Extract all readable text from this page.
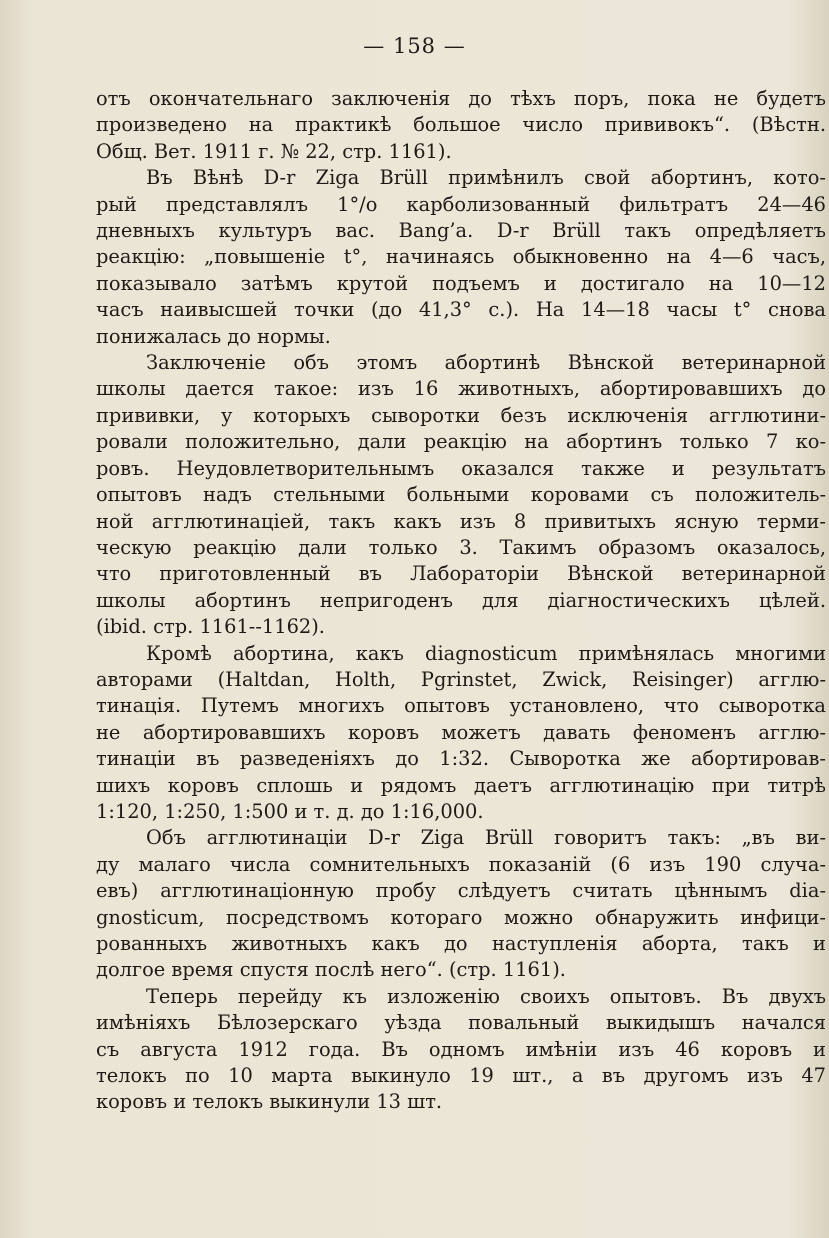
— 158 —
отъ окончательнаго заключенія до тѣхъ поръ, пока не будетъ
произведено на практикѣ большое число прививокъ“. (Вѣстн.
Общ. Вет. 1911 г. № 22, стр. 1161).
Въ Вѣнѣ D-r Ziga Brüll примѣнилъ свой абортинъ, кото-
рый представлялъ 1°/o карболизованный фильтратъ 24—46
дневныхъ культуръ вас. Bang’a. D-r Brüll такъ опредѣляетъ
реакцію: „повышеніе t°, начинаясь обыкновенно на 4—6 часъ,
показывало затѣмъ крутой подъемъ и достигало на 10—12
часъ наивысшей точки (до 41,3° с.). На 14—18 часы t° снова
понижалась до нормы.
Заключеніе объ этомъ абортинѣ Вѣнской ветеринарной
школы дается такое: изъ 16 животныхъ, абортировавшихъ до
прививки, у которыхъ сыворотки безъ исключенія агглютини-
ровали положительно, дали реакцію на абортинъ только 7 ко-
ровъ. Неудовлетворительнымъ оказался также и результатъ
опытовъ надъ стельными больными коровами съ положитель-
ной агглютинаціей, такъ какъ изъ 8 привитыхъ ясную терми-
ческую реакцію дали только 3. Такимъ образомъ оказалось,
что приготовленный въ Лабораторіи Вѣнской ветеринарной
школы абортинъ непригоденъ для діагностическихъ цѣлей.
(ibid. стр. 1161--1162).
Кромѣ абортина, какъ diagnosticum примѣнялась многими
авторами (Haltdan, Holth, Pgrinstet, Zwick, Reisinger) агглю-
тинація. Путемъ многихъ опытовъ установлено, что сыворотка
не абортировавшихъ коровъ можетъ давать феноменъ агглю-
тинаціи въ разведеніяхъ до 1:32. Сыворотка же абортировав-
шихъ коровъ сплошь и рядомъ даетъ агглютинацію при титрѣ
1:120, 1:250, 1:500 и т. д. до 1:16,000.
Объ агглютинаціи D-r Ziga Brüll говоритъ такъ: „въ ви-
ду малаго числа сомнительныхъ показаній (6 изъ 190 случа-
евъ) агглютинаціонную пробу слѣдуетъ считать цѣннымъ dia-
gnosticum, посредствомъ котораго можно обнаружить инфици-
рованныхъ животныхъ какъ до наступленія аборта, такъ и
долгое время спустя послѣ него“. (стр. 1161).
Теперь перейду къ изложенію своихъ опытовъ. Въ двухъ
имѣніяхъ Бѣлозерскаго уѣзда повальный выкидышъ начался
съ августа 1912 года. Въ одномъ имѣніи изъ 46 коровъ и
телокъ по 10 марта выкинуло 19 шт., а въ другомъ изъ 47
коровъ и телокъ выкинули 13 шт.
